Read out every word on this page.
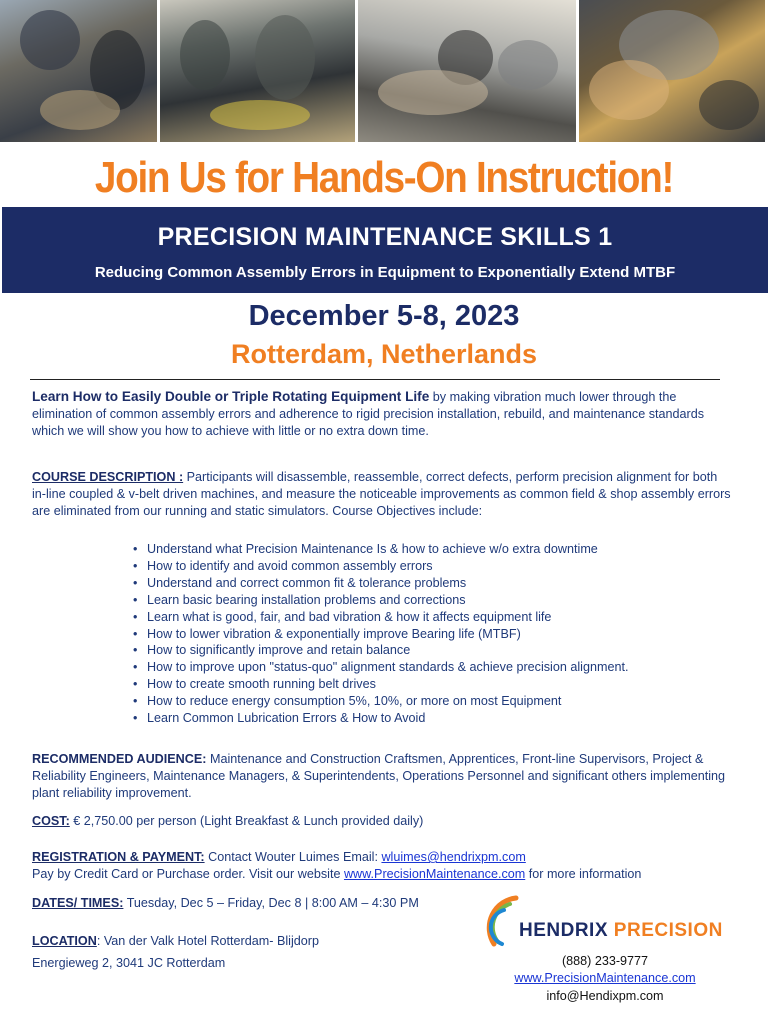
Join Us for Hands-On Instruction!
PRECISION MAINTENANCE SKILLS 1
Reducing Common Assembly Errors in Equipment to Exponentially Extend MTBF
December 5-8, 2023
Rotterdam, Netherlands
Learn How to Easily Double or Triple Rotating Equipment Life by making vibration much lower through the elimination of common assembly errors and adherence to rigid precision installation, rebuild, and maintenance standards which we will show you how to achieve with little or no extra down time.
COURSE DESCRIPTION : Participants will disassemble, reassemble, correct defects, perform precision alignment for both in-line coupled & v-belt driven machines, and measure the noticeable improvements as common field & shop assembly errors are eliminated from our running and static simulators. Course Objectives include:
• Understand what Precision Maintenance Is & how to achieve w/o extra downtime
• How to identify and avoid common assembly errors
• Understand and correct common fit & tolerance problems
• Learn basic bearing installation problems and corrections
• Learn what is good, fair, and bad vibration & how it affects equipment life
• How to lower vibration & exponentially improve Bearing life (MTBF)
• How to significantly improve and retain balance
• How to improve upon "status-quo" alignment standards & achieve precision alignment.
• How to create smooth running belt drives
• How to reduce energy consumption 5%, 10%, or more on most Equipment
• Learn Common Lubrication Errors & How to Avoid
RECOMMENDED AUDIENCE: Maintenance and Construction Craftsmen, Apprentices, Front-line Supervisors, Project & Reliability Engineers, Maintenance Managers, & Superintendents, Operations Personnel and significant others implementing plant reliability improvement.
COST: € 2,750.00 per person (Light Breakfast & Lunch provided daily)
REGISTRATION & PAYMENT: Contact Wouter Luimes Email: wluimes@hendrixpm.com
Pay by Credit Card or Purchase order. Visit our website www.PrecisionMaintenance.com for more information
DATES/ TIMES: Tuesday, Dec 5 – Friday, Dec 8 | 8:00 AM – 4:30 PM
LOCATION: Van der Valk Hotel Rotterdam- Blijdorp
Energieweg 2, 3041 JC Rotterdam
HENDRIX PRECISION
(888) 233-9777
www.PrecisionMaintenance.com
info@Hendixpm.com
